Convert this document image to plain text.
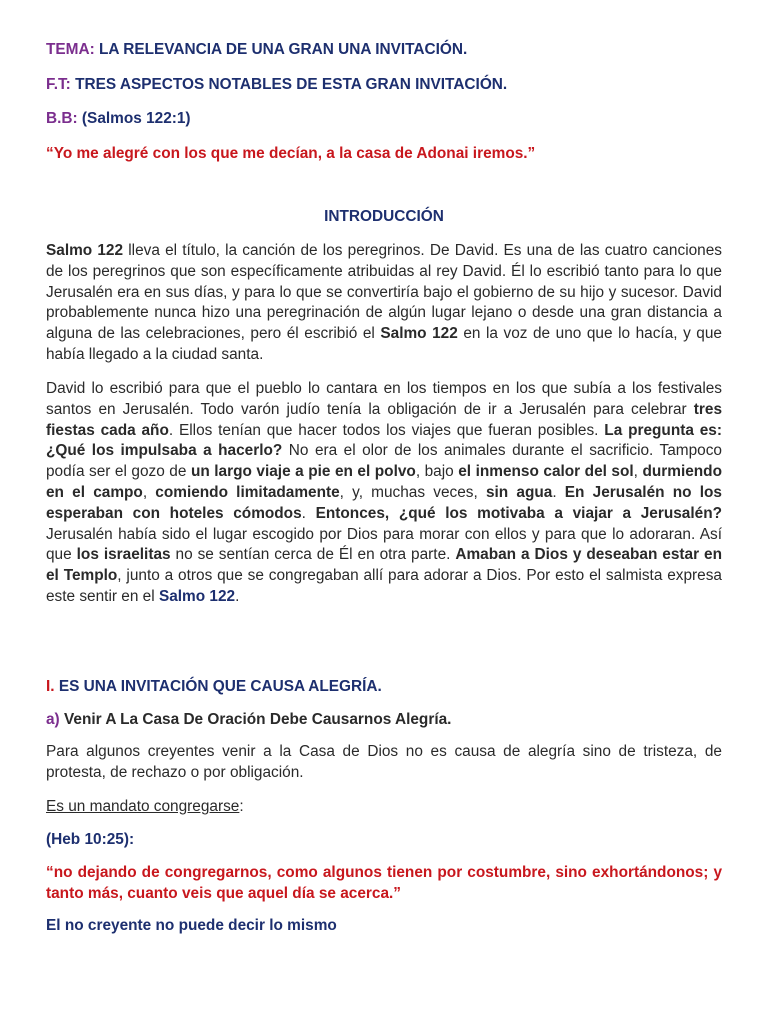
TEMA: LA RELEVANCIA DE UNA GRAN UNA INVITACIÓN.
F.T: TRES ASPECTOS NOTABLES DE ESTA GRAN INVITACIÓN.
B.B: (Salmos 122:1)
“Yo me alegré con los que me decían, a la casa de Adonai iremos.”
INTRODUCCIÓN
Salmo 122 lleva el título, la canción de los peregrinos. De David. Es una de las cuatro canciones de los peregrinos que son específicamente atribuidas al rey David. Él lo escribió tanto para lo que Jerusalén era en sus días, y para lo que se convertiría bajo el gobierno de su hijo y sucesor. David probablemente nunca hizo una peregrinación de algún lugar lejano o desde una gran distancia a alguna de las celebraciones, pero él escribió el Salmo 122 en la voz de uno que lo hacía, y que había llegado a la ciudad santa.
David lo escribió para que el pueblo lo cantara en los tiempos en los que subía a los festivales santos en Jerusalén. Todo varón judío tenía la obligación de ir a Jerusalén para celebrar tres fiestas cada año. Ellos tenían que hacer todos los viajes que fueran posibles. La pregunta es: ¿Qué los impulsaba a hacerlo? No era el olor de los animales durante el sacrificio. Tampoco podía ser el gozo de un largo viaje a pie en el polvo, bajo el inmenso calor del sol, durmiendo en el campo, comiendo limitadamente, y, muchas veces, sin agua. En Jerusalén no los esperaban con hoteles cómodos. Entonces, ¿qué los motivaba a viajar a Jerusalén? Jerusalén había sido el lugar escogido por Dios para morar con ellos y para que lo adoraran. Así que los israelitas no se sentían cerca de Él en otra parte. Amaban a Dios y deseaban estar en el Templo, junto a otros que se congregaban allí para adorar a Dios. Por esto el salmista expresa este sentir en el Salmo 122.
I. ES UNA INVITACIÓN QUE CAUSA ALEGRÍA.
a) Venir A La Casa De Oración Debe Causarnos Alegría.
Para algunos creyentes venir a la Casa de Dios no es causa de alegría sino de tristeza, de protesta, de rechazo o por obligación.
Es un mandato congregarse:
(Heb 10:25):
“no dejando de congregarnos, como algunos tienen por costumbre, sino exhortándonos; y tanto más, cuanto veis que aquel día se acerca.”
El no creyente no puede decir lo mismo
